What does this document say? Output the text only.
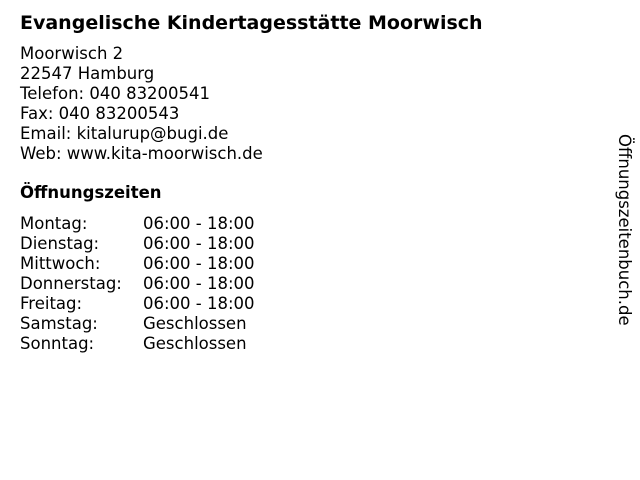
Evangelische Kindertagesstätte Moorwisch
Moorwisch 2
22547 Hamburg
Telefon: 040 83200541
Fax: 040 83200543
Email: kitalurup@bugi.de
Web: www.kita-moorwisch.de
Öffnungszeiten
Montag:	06:00 - 18:00
Dienstag:	06:00 - 18:00
Mittwoch:	06:00 - 18:00
Donnerstag: 06:00 - 18:00
Freitag:	06:00 - 18:00
Samstag:	Geschlossen
Sonntag:	Geschlossen
Öffnungszeitenbuch.de
